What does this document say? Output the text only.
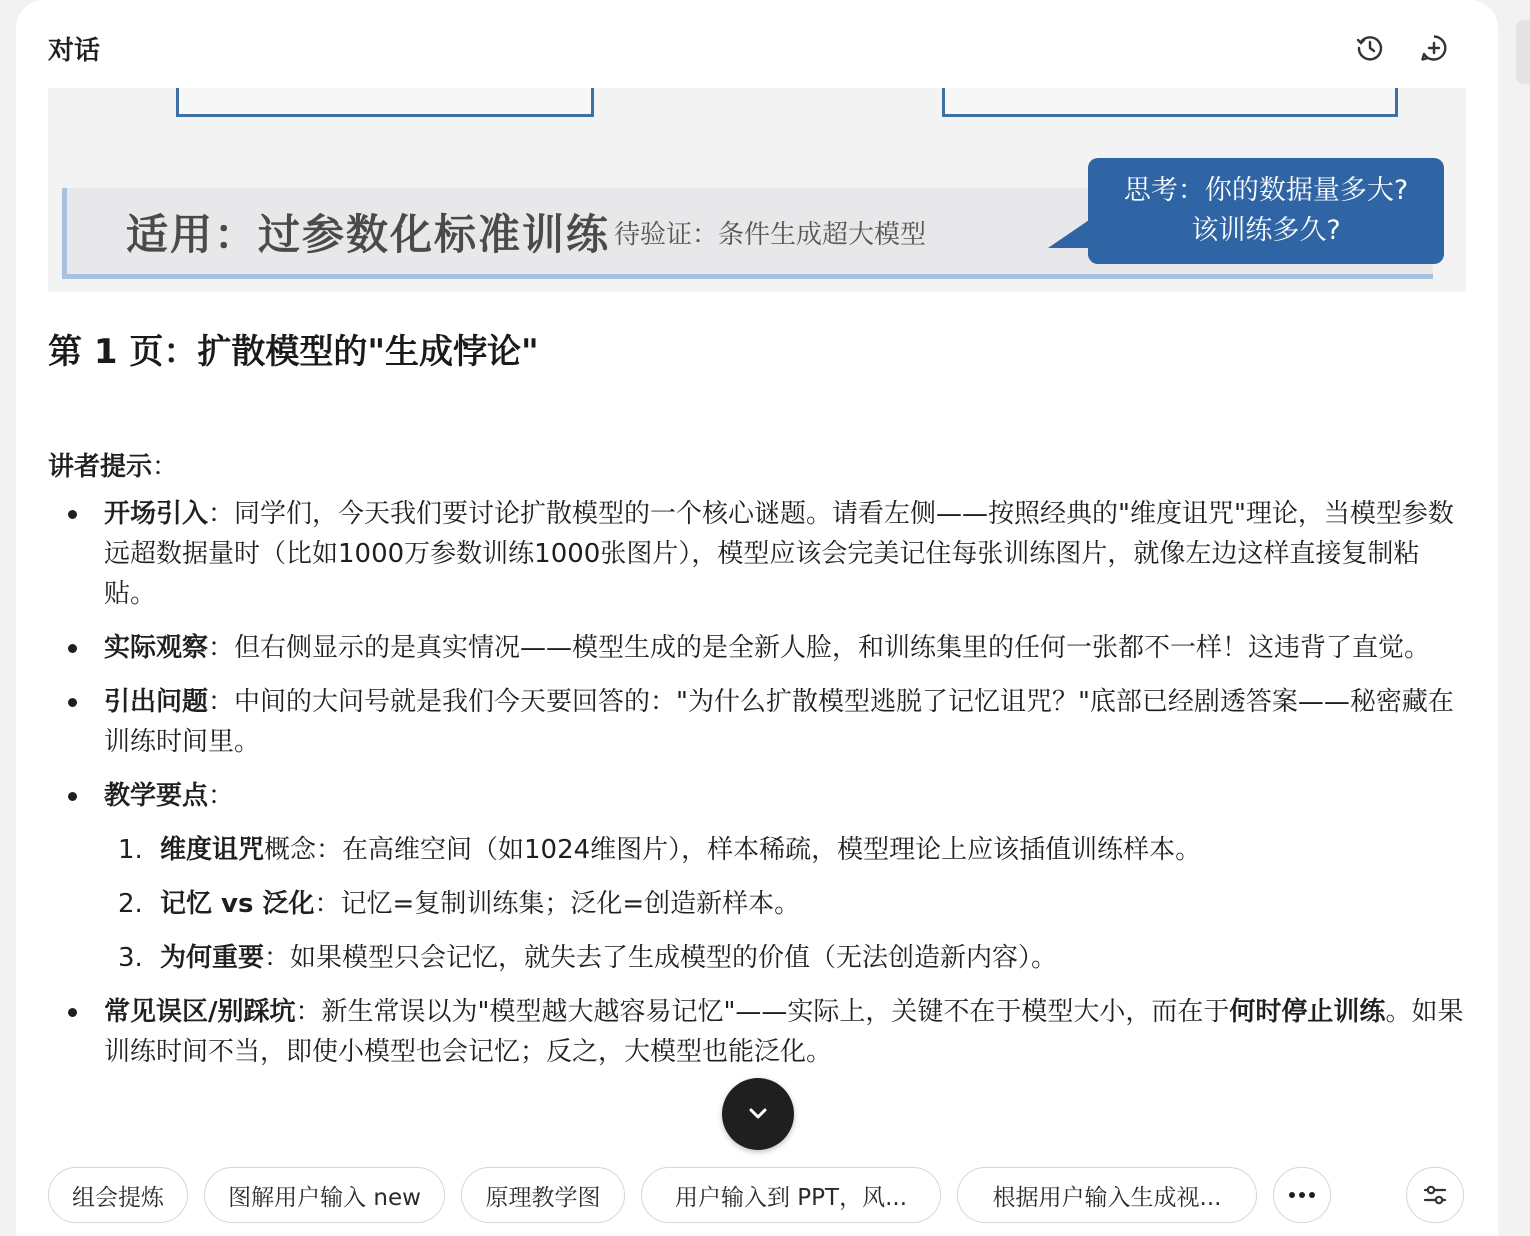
对话
适用：过参数化标准训练 待验证：条件生成超大模型
思考：你的数据量多大?
该训练多久?
第 1 页：扩散模型的"生成悖论"
讲者提示：
开场引入：同学们，今天我们要讨论扩散模型的一个核心谜题。请看左侧——按照经典的"维度诅咒"理论，当模型参数远超数据量时（比如1000万参数训练1000张图片），模型应该会完美记住每张训练图片，就像左边这样直接复制粘贴。
实际观察：但右侧显示的是真实情况——模型生成的是全新人脸，和训练集里的任何一张都不一样！这违背了直觉。
引出问题：中间的大问号就是我们今天要回答的："为什么扩散模型逃脱了记忆诅咒？"底部已经剧透答案——秘密藏在训练时间里。
教学要点：
1. 维度诅咒概念：在高维空间（如1024维图片），样本稀疏，模型理论上应该插值训练样本。
2. 记忆 vs 泛化：记忆=复制训练集；泛化=创造新样本。
3. 为何重要：如果模型只会记忆，就失去了生成模型的价值（无法创造新内容）。
常见误区/别踩坑：新生常误以为"模型越大越容易记忆"——实际上，关键不在于模型大小，而在于何时停止训练。如果训练时间不当，即使小模型也会记忆；反之，大模型也能泛化。
组会提炼	图解用户输入 new	原理教学图	用户输入到 PPT，风...	根据用户输入生成视...
